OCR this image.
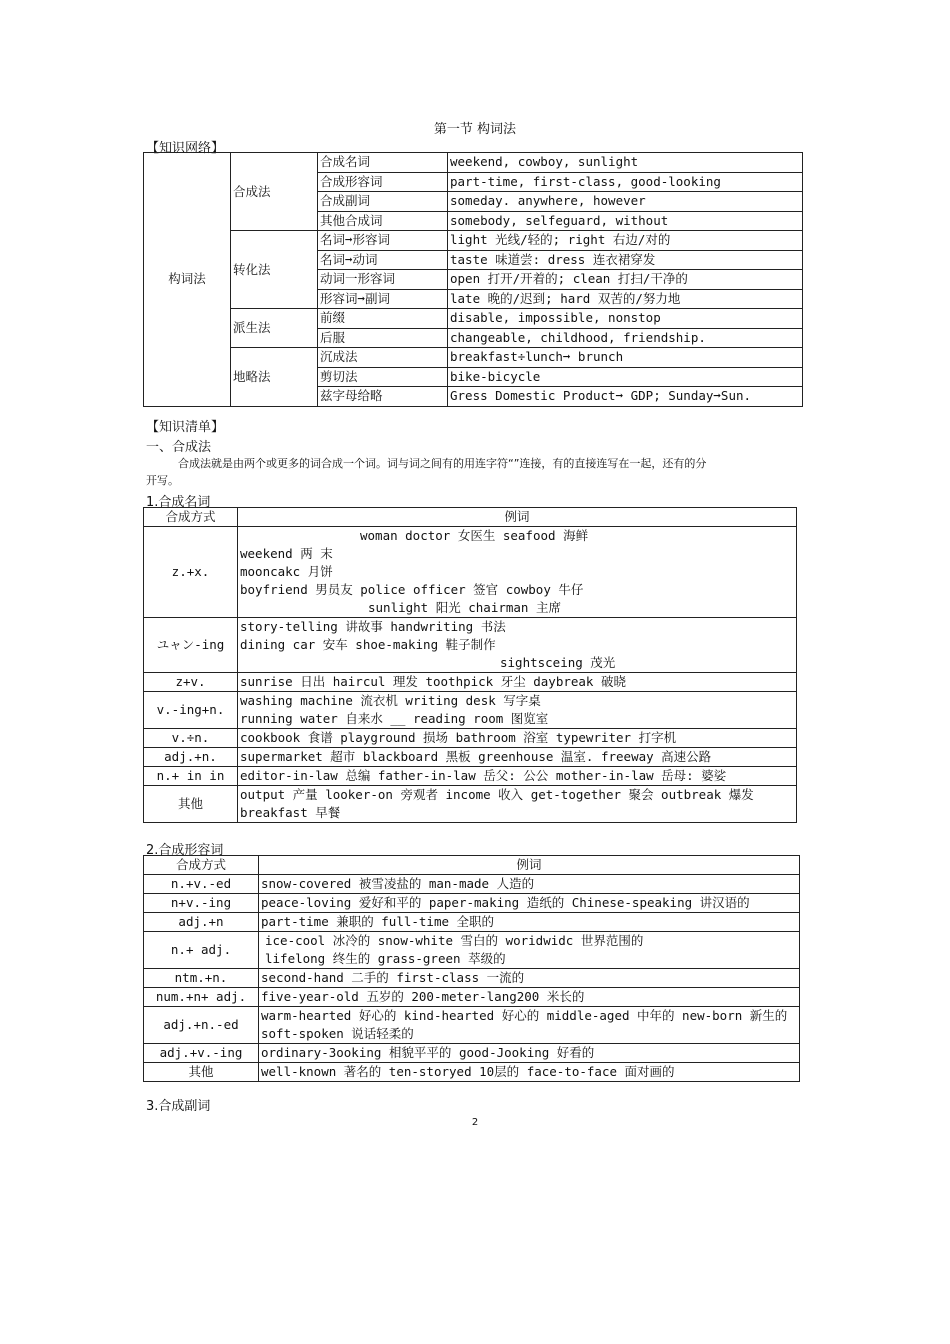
第一节 构词法
【知识网络】
构词法	合成法	合成名词	weekend, cowboy, sunlight
		合成形容词	part-time, first-class, good-looking
		合成副词	someday. anywhere, however
		其他合成词	somebody, selfeguard, without
	转化法	名词➞形容词	light 光线/轻的; right 右边/对的
		名词➞动词	taste 味道尝: dress 连衣裙穿发
		动词一形容词	open 打开/开着的; clean 打扫/干净的
		形容词➞副词	late 晚的/迟到; hard 双苦的/努力地
	派生法	前缀	disable, impossible, nonstop
		后服	changeable, childhood, friendship.
	地略法	沉成法	breakfast÷lunch➞ brunch
		剪切法	bike-bicycle
		兹字母给略	Gress Domestic Product➞ GDP; Sunday➞Sun.
【知识清单】
一、合成法
合成法就是由两个或更多的词合成一个词。词与词之间有的用连字符“”连接，有的直接连写在一起，还有的分
开写。
1.合成名词
合成方式	例词
z.+x.	woman doctor 女医生 seafood 海鲜
weekend 两 末
mooncakc 月饼
boyfriend 男员友 police officer 签官 cowboy 牛仔
sunlight 阳光 chairman 主席

ユャン-ing	story-telling 讲故事 handwriting 书法
dining car 安车 shoe-making 鞋子制作
sightsceing 茂光

z+v.	sunrise 日出 haircul 理发 toothpick 牙尘 daybreak 破晓
v.-ing+n.	washing machine 流衣机 writing desk 写字桌
running water 自来水 __ reading room 图览室

v.÷n.	cookbook 食谱 playground 损场 bathroom 浴室 typewriter 打字机
adj.+n.	supermarket 超市 blackboard 黑板 greenhouse 温室. freeway 高速公路
n.+ in in	editor-in-law 总编 father-in-law 岳父: 公公 mother-in-law 岳母: 婆娑
其他	output 产量 looker-on 旁观者 income 收入 get-together 聚会 outbreak 爆发
breakfast 早餐
2.合成形容词
合成方式	例词
n.+v.-ed	snow-covered 被雪凌盐的 man-made 人造的
n+v.-ing	peace-loving 爱好和平的 paper-making 造纸的 Chinese-speaking 讲汉语的
adj.+n	part-time 兼职的 full-time 全职的
n.+ adj.	ice-cool 冰冷的 snow-white 雪白的 woridwidc 世界范围的
lifelong 终生的 grass-green 萃级的

ntm.+n.	second-hand 二手的 first-class 一流的
num.+n+ adj.	five-year-old 五岁的 200-meter-lang200 米长的
adj.+n.-ed	warm-hearted 好心的 kind-hearted 好心的 middle-aged 中年的 new-born 新生的
soft-spoken 说话轻柔的

adj.+v.-ing	ordinary-3ooking 相貌平平的 good-Jooking 好看的
其他	well-known 著名的 ten-storyed 10层的 face-to-face 面对画的
3.合成副词
2
